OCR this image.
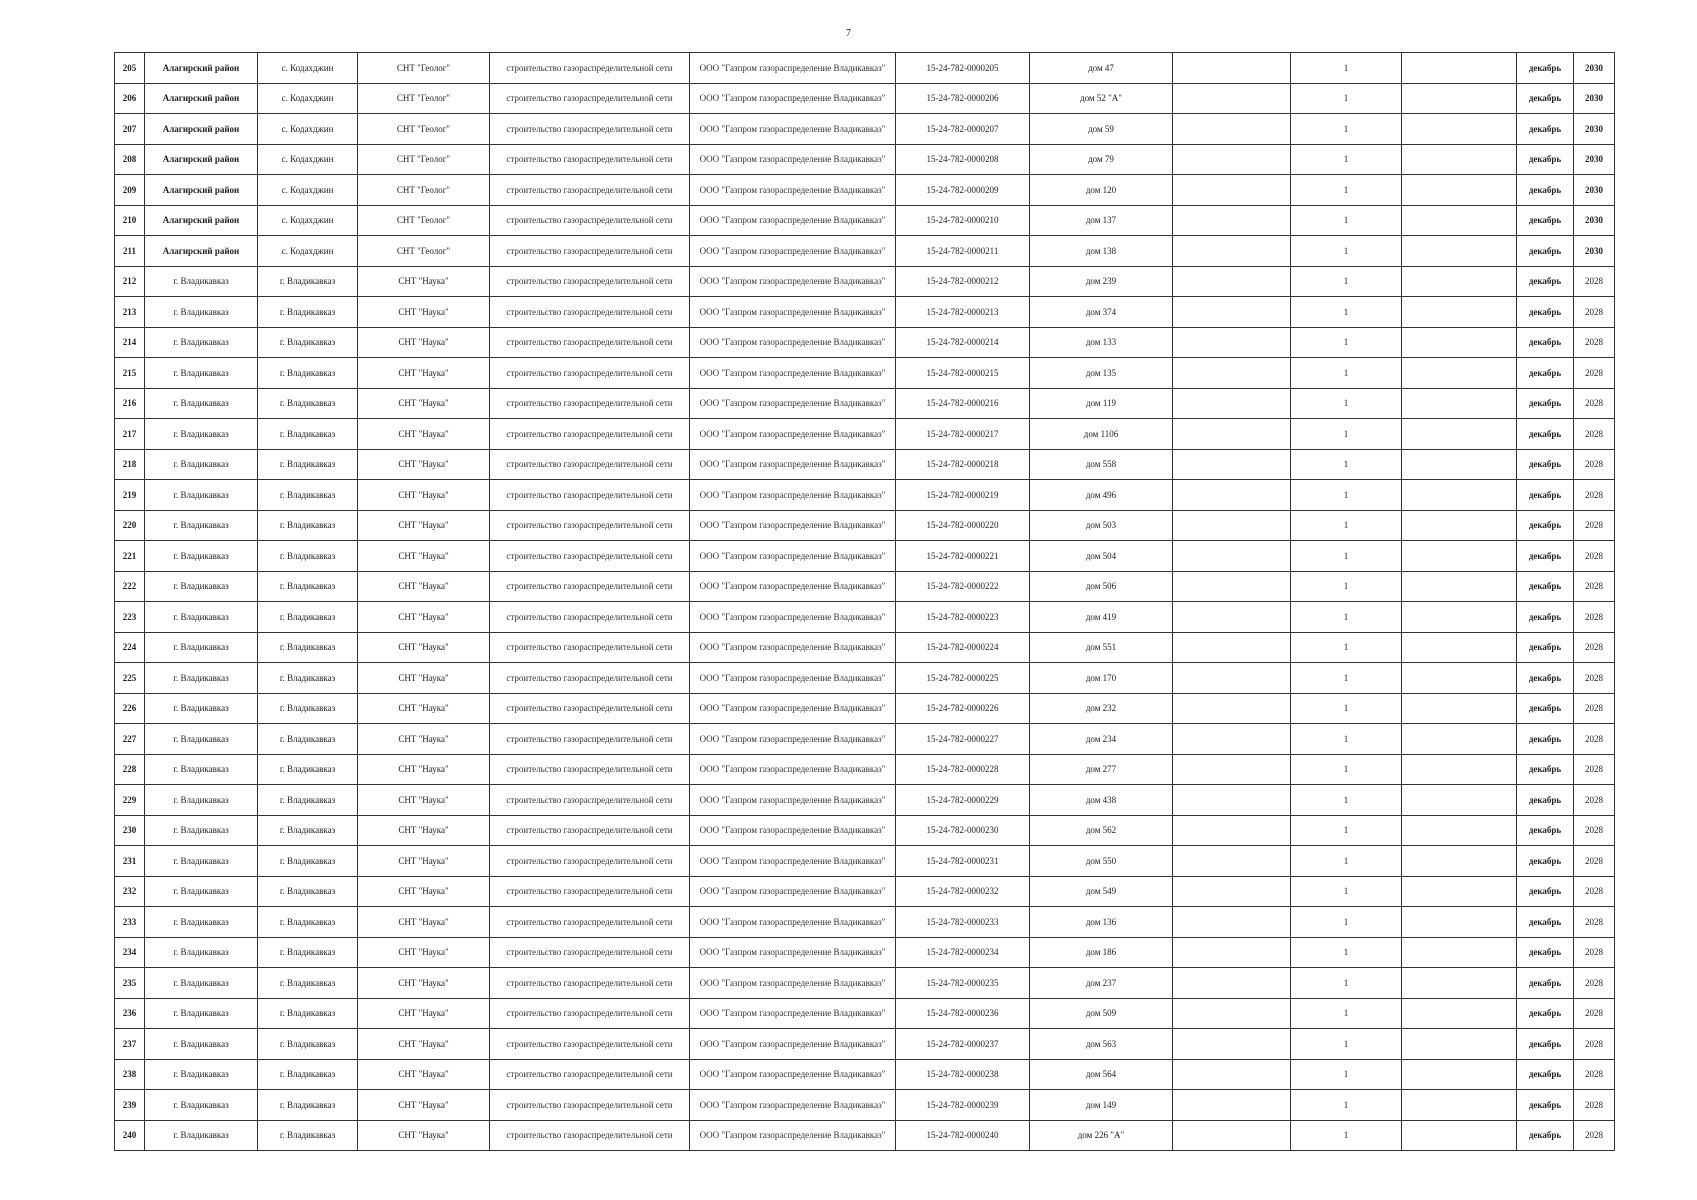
7
205	Алагирский район	с. Кодахджин	СНТ "Геолог"	строительство газораспределительной сети	ООО "Газпром газораспределение Владикавказ"	15-24-782-0000205	дом 47		1		декабрь	2030
206	Алагирский район	с. Кодахджин	СНТ "Геолог"	строительство газораспределительной сети	ООО "Газпром газораспределение Владикавказ"	15-24-782-0000206	дом 52 "А"		1		декабрь	2030
207	Алагирский район	с. Кодахджин	СНТ "Геолог"	строительство газораспределительной сети	ООО "Газпром газораспределение Владикавказ"	15-24-782-0000207	дом 59		1		декабрь	2030
208	Алагирский район	с. Кодахджин	СНТ "Геолог"	строительство газораспределительной сети	ООО "Газпром газораспределение Владикавказ"	15-24-782-0000208	дом 79		1		декабрь	2030
209	Алагирский район	с. Кодахджин	СНТ "Геолог"	строительство газораспределительной сети	ООО "Газпром газораспределение Владикавказ"	15-24-782-0000209	дом 120		1		декабрь	2030
210	Алагирский район	с. Кодахджин	СНТ "Геолог"	строительство газораспределительной сети	ООО "Газпром газораспределение Владикавказ"	15-24-782-0000210	дом 137		1		декабрь	2030
211	Алагирский район	с. Кодахджин	СНТ "Геолог"	строительство газораспределительной сети	ООО "Газпром газораспределение Владикавказ"	15-24-782-0000211	дом 138		1		декабрь	2030
212	г. Владикавказ	г. Владикавказ	СНТ "Наука"	строительство газораспределительной сети	ООО "Газпром газораспределение Владикавказ"	15-24-782-0000212	дом 239		1		декабрь	2028
213	г. Владикавказ	г. Владикавказ	СНТ "Наука"	строительство газораспределительной сети	ООО "Газпром газораспределение Владикавказ"	15-24-782-0000213	дом 374		1		декабрь	2028
214	г. Владикавказ	г. Владикавказ	СНТ "Наука"	строительство газораспределительной сети	ООО "Газпром газораспределение Владикавказ"	15-24-782-0000214	дом 133		1		декабрь	2028
215	г. Владикавказ	г. Владикавказ	СНТ "Наука"	строительство газораспределительной сети	ООО "Газпром газораспределение Владикавказ"	15-24-782-0000215	дом 135		1		декабрь	2028
216	г. Владикавказ	г. Владикавказ	СНТ "Наука"	строительство газораспределительной сети	ООО "Газпром газораспределение Владикавказ"	15-24-782-0000216	дом 119		1		декабрь	2028
217	г. Владикавказ	г. Владикавказ	СНТ "Наука"	строительство газораспределительной сети	ООО "Газпром газораспределение Владикавказ"	15-24-782-0000217	дом 1106		1		декабрь	2028
218	г. Владикавказ	г. Владикавказ	СНТ "Наука"	строительство газораспределительной сети	ООО "Газпром газораспределение Владикавказ"	15-24-782-0000218	дом 558		1		декабрь	2028
219	г. Владикавказ	г. Владикавказ	СНТ "Наука"	строительство газораспределительной сети	ООО "Газпром газораспределение Владикавказ"	15-24-782-0000219	дом 496		1		декабрь	2028
220	г. Владикавказ	г. Владикавказ	СНТ "Наука"	строительство газораспределительной сети	ООО "Газпром газораспределение Владикавказ"	15-24-782-0000220	дом 503		1		декабрь	2028
221	г. Владикавказ	г. Владикавказ	СНТ "Наука"	строительство газораспределительной сети	ООО "Газпром газораспределение Владикавказ"	15-24-782-0000221	дом 504		1		декабрь	2028
222	г. Владикавказ	г. Владикавказ	СНТ "Наука"	строительство газораспределительной сети	ООО "Газпром газораспределение Владикавказ"	15-24-782-0000222	дом 506		1		декабрь	2028
223	г. Владикавказ	г. Владикавказ	СНТ "Наука"	строительство газораспределительной сети	ООО "Газпром газораспределение Владикавказ"	15-24-782-0000223	дом 419		1		декабрь	2028
224	г. Владикавказ	г. Владикавказ	СНТ "Наука"	строительство газораспределительной сети	ООО "Газпром газораспределение Владикавказ"	15-24-782-0000224	дом 551		1		декабрь	2028
225	г. Владикавказ	г. Владикавказ	СНТ "Наука"	строительство газораспределительной сети	ООО "Газпром газораспределение Владикавказ"	15-24-782-0000225	дом 170		1		декабрь	2028
226	г. Владикавказ	г. Владикавказ	СНТ "Наука"	строительство газораспределительной сети	ООО "Газпром газораспределение Владикавказ"	15-24-782-0000226	дом 232		1		декабрь	2028
227	г. Владикавказ	г. Владикавказ	СНТ "Наука"	строительство газораспределительной сети	ООО "Газпром газораспределение Владикавказ"	15-24-782-0000227	дом 234		1		декабрь	2028
228	г. Владикавказ	г. Владикавказ	СНТ "Наука"	строительство газораспределительной сети	ООО "Газпром газораспределение Владикавказ"	15-24-782-0000228	дом 277		1		декабрь	2028
229	г. Владикавказ	г. Владикавказ	СНТ "Наука"	строительство газораспределительной сети	ООО "Газпром газораспределение Владикавказ"	15-24-782-0000229	дом 438		1		декабрь	2028
230	г. Владикавказ	г. Владикавказ	СНТ "Наука"	строительство газораспределительной сети	ООО "Газпром газораспределение Владикавказ"	15-24-782-0000230	дом 562		1		декабрь	2028
231	г. Владикавказ	г. Владикавказ	СНТ "Наука"	строительство газораспределительной сети	ООО "Газпром газораспределение Владикавказ"	15-24-782-0000231	дом 550		1		декабрь	2028
232	г. Владикавказ	г. Владикавказ	СНТ "Наука"	строительство газораспределительной сети	ООО "Газпром газораспределение Владикавказ"	15-24-782-0000232	дом 549		1		декабрь	2028
233	г. Владикавказ	г. Владикавказ	СНТ "Наука"	строительство газораспределительной сети	ООО "Газпром газораспределение Владикавказ"	15-24-782-0000233	дом 136		1		декабрь	2028
234	г. Владикавказ	г. Владикавказ	СНТ "Наука"	строительство газораспределительной сети	ООО "Газпром газораспределение Владикавказ"	15-24-782-0000234	дом 186		1		декабрь	2028
235	г. Владикавказ	г. Владикавказ	СНТ "Наука"	строительство газораспределительной сети	ООО "Газпром газораспределение Владикавказ"	15-24-782-0000235	дом 237		1		декабрь	2028
236	г. Владикавказ	г. Владикавказ	СНТ "Наука"	строительство газораспределительной сети	ООО "Газпром газораспределение Владикавказ"	15-24-782-0000236	дом 509		1		декабрь	2028
237	г. Владикавказ	г. Владикавказ	СНТ "Наука"	строительство газораспределительной сети	ООО "Газпром газораспределение Владикавказ"	15-24-782-0000237	дом 563		1		декабрь	2028
238	г. Владикавказ	г. Владикавказ	СНТ "Наука"	строительство газораспределительной сети	ООО "Газпром газораспределение Владикавказ"	15-24-782-0000238	дом 564		1		декабрь	2028
239	г. Владикавказ	г. Владикавказ	СНТ "Наука"	строительство газораспределительной сети	ООО "Газпром газораспределение Владикавказ"	15-24-782-0000239	дом 149		1		декабрь	2028
240	г. Владикавказ	г. Владикавказ	СНТ "Наука"	строительство газораспределительной сети	ООО "Газпром газораспределение Владикавказ"	15-24-782-0000240	дом 226 "А"		1		декабрь	2028
